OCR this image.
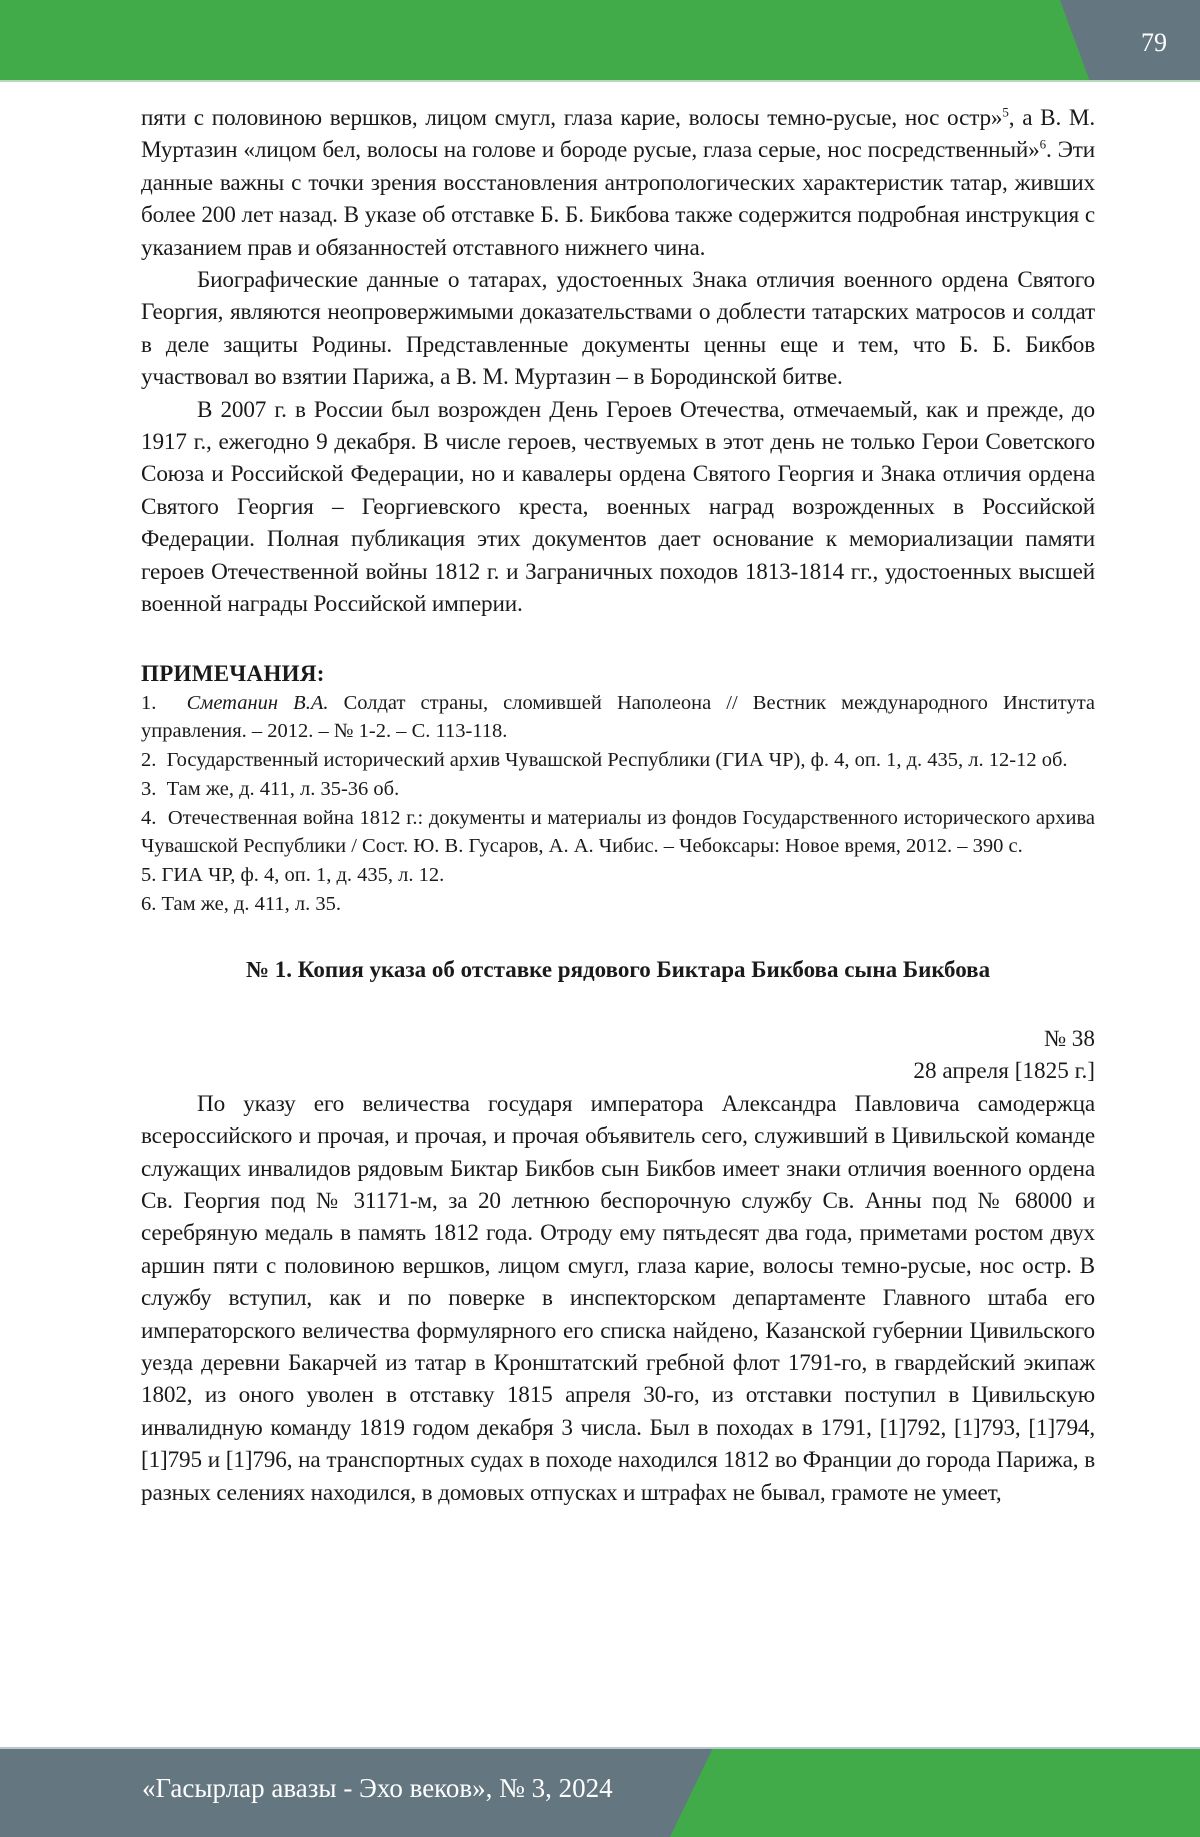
79

пяти с половиною вершков, лицом смугл, глаза карие, волосы темно-русые, нос остр»$^5$, а В. М. Муртазин «лицом бел, волосы на голове и бороде русые, глаза серые, нос посредственный»$^6$. Эти данные важны с точки зрения восстановления антропологических характеристик татар, живших более 200 лет назад. В указе об отставке Б. Б. Бикбова также содержится подробная инструкция с указанием прав и обязанностей отставного нижнего чина.

Биографические данные о татарах, удостоенных Знака отличия военного ордена Святого Георгия, являются неопровержимыми доказательствами о доблести татарских матросов и солдат в деле защиты Родины. Представленные документы ценны еще и тем, что Б. Б. Бикбов участвовал во взятии Парижа, а В. М. Муртазин – в Бородинской битве.

В 2007 г. в России был возрожден День Героев Отечества, отмечаемый, как и прежде, до 1917 г., ежегодно 9 декабря. В числе героев, чествуемых в этот день не только Герои Советского Союза и Российской Федерации, но и кавалеры ордена Святого Георгия и Знака отличия ордена Святого Георгия – Георгиевского креста, военных наград возрожденных в Российской Федерации. Полная публикация этих документов дает основание к мемориализации памяти героев Отечественной войны 1812 г. и Заграничных походов 1813-1814 гг., удостоенных высшей военной награды Российской империи.

ПРИМЕЧАНИЯ:

1. Сметанин В.А. Солдат страны, сломившей Наполеона // Вестник международного Института управления. – 2012. – № 1-2. – С. 113-118.

2. Государственный исторический архив Чувашской Республики (ГИА ЧР), ф. 4, оп. 1, д. 435, л. 12-12 об.

3. Там же, д. 411, л. 35-36 об.

4. Отечественная война 1812 г.: документы и материалы из фондов Государственного исторического архива Чувашской Республики / Сост. Ю. В. Гусаров, А. А. Чибис. – Чебоксары: Новое время, 2012. – 390 с.

5. ГИА ЧР, ф. 4, оп. 1, д. 435, л. 12.

6. Там же, д. 411, л. 35.

№ 1. Копия указа об отставке рядового Биктара Бикбова сына Бикбова

№ 38

28 апреля [1825 г.]

По указу его величества государя императора Александра Павловича самодержца всероссийского и прочая, и прочая, и прочая объявитель сего, служивший в Цивильской команде служащих инвалидов рядовым Биктар Бикбов сын Бикбов имеет знаки отличия военного ордена Св. Георгия под № 31171-м, за 20 летнюю беспорочную службу Св. Анны под № 68000 и серебряную медаль в память 1812 года. Отроду ему пятьдесят два года, приметами ростом двух аршин пяти с половиною вершков, лицом смугл, глаза карие, волосы темно-русые, нос остр. В службу вступил, как и по поверке в инспекторском департаменте Главного штаба его императорского величества формулярного его списка найдено, Казанской губернии Цивильского уезда деревни Бакарчей из татар в Кронштатский гребной флот 1791-го, в гвардейский экипаж 1802, из оного уволен в отставку 1815 апреля 30-го, из отставки поступил в Цивильскую инвалидную команду 1819 годом декабря 3 числа. Был в походах в 1791, [1]792, [1]793, [1]794, [1]795 и [1]796, на транспортных судах в походе находился 1812 во Франции до города Парижа, в разных селениях находился, в домовых отпусках и штрафах не бывал, грамоте не умеет,

«Гасырлар авазы - Эхо веков», № 3, 2024
